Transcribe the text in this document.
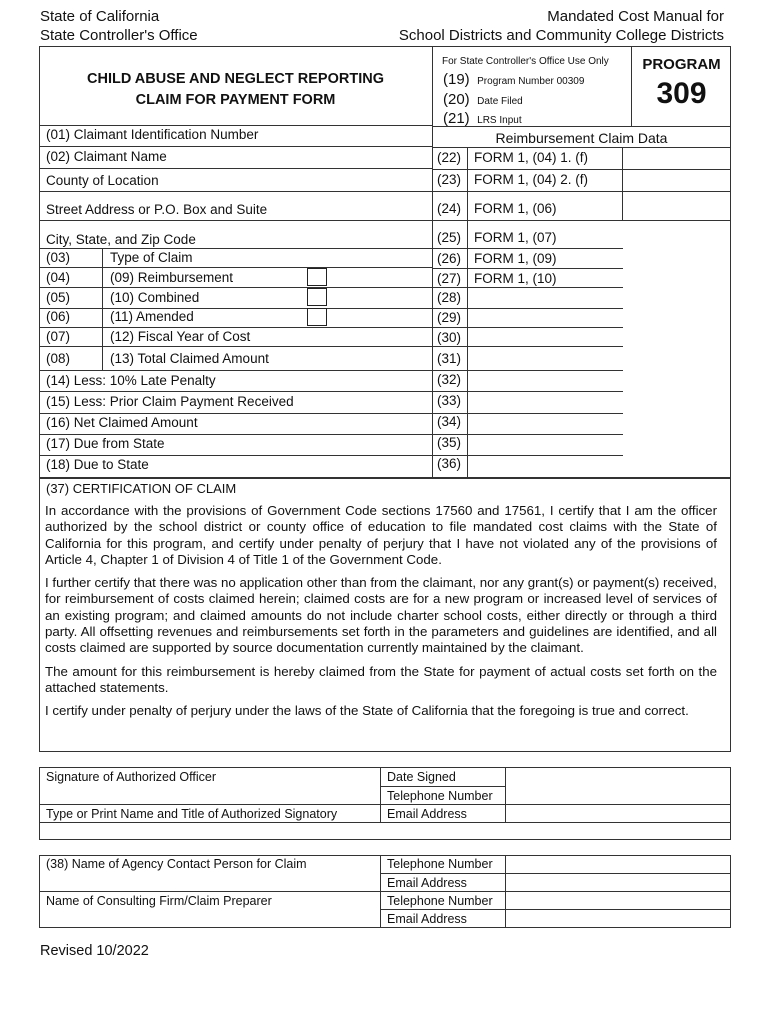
State of California
State Controller's Office
Mandated Cost Manual for
School Districts and Community College Districts
CHILD ABUSE AND NEGLECT REPORTING
CLAIM FOR PAYMENT FORM
For State Controller's Office Use Only
(19) Program Number 00309
(20) Date Filed
(21) LRS Input
PROGRAM
309
(01) Claimant Identification Number
(02) Claimant Name
County of Location
Street Address or P.O. Box and Suite
City, State, and Zip Code
(03)	Type of Claim
(04)	(09) Reimbursement
(05)	(10) Combined
(06)	(11) Amended
(07)	(12) Fiscal Year of Cost
(08)	(13) Total Claimed Amount
(14) Less: 10% Late Penalty
(15) Less: Prior Claim Payment Received
(16) Net Claimed Amount
(17) Due from State
(18) Due to State
Reimbursement Claim Data
(22) FORM 1, (04) 1. (f)
(23) FORM 1, (04) 2. (f)
(24) FORM 1, (06)
(25) FORM 1, (07)
(26) FORM 1, (09)
(27) FORM 1, (10)
(28)
(29)
(30)
(31)
(32)
(33)
(34)
(35)
(36)
(37) CERTIFICATION OF CLAIM

In accordance with the provisions of Government Code sections 17560 and 17561, I certify that I am the officer authorized by the school district or county office of education to file mandated cost claims with the State of California for this program, and certify under penalty of perjury that I have not violated any of the provisions of Article 4, Chapter 1 of Division 4 of Title 1 of the Government Code.

I further certify that there was no application other than from the claimant, nor any grant(s) or payment(s) received, for reimbursement of costs claimed herein; claimed costs are for a new program or increased level of services of an existing program; and claimed amounts do not include charter school costs, either directly or through a third party. All offsetting revenues and reimbursements set forth in the parameters and guidelines are identified, and all costs claimed are supported by source documentation currently maintained by the claimant.

The amount for this reimbursement is hereby claimed from the State for payment of actual costs set forth on the attached statements.

I certify under penalty of perjury under the laws of the State of California that the foregoing is true and correct.

Signature of Authorized Officer	Date Signed
Telephone Number
Type or Print Name and Title of Authorized Signatory	Email Address
(38) Name of Agency Contact Person for Claim	Telephone Number
Email Address
Name of Consulting Firm/Claim Preparer	Telephone Number
Email Address
Revised 10/2022
